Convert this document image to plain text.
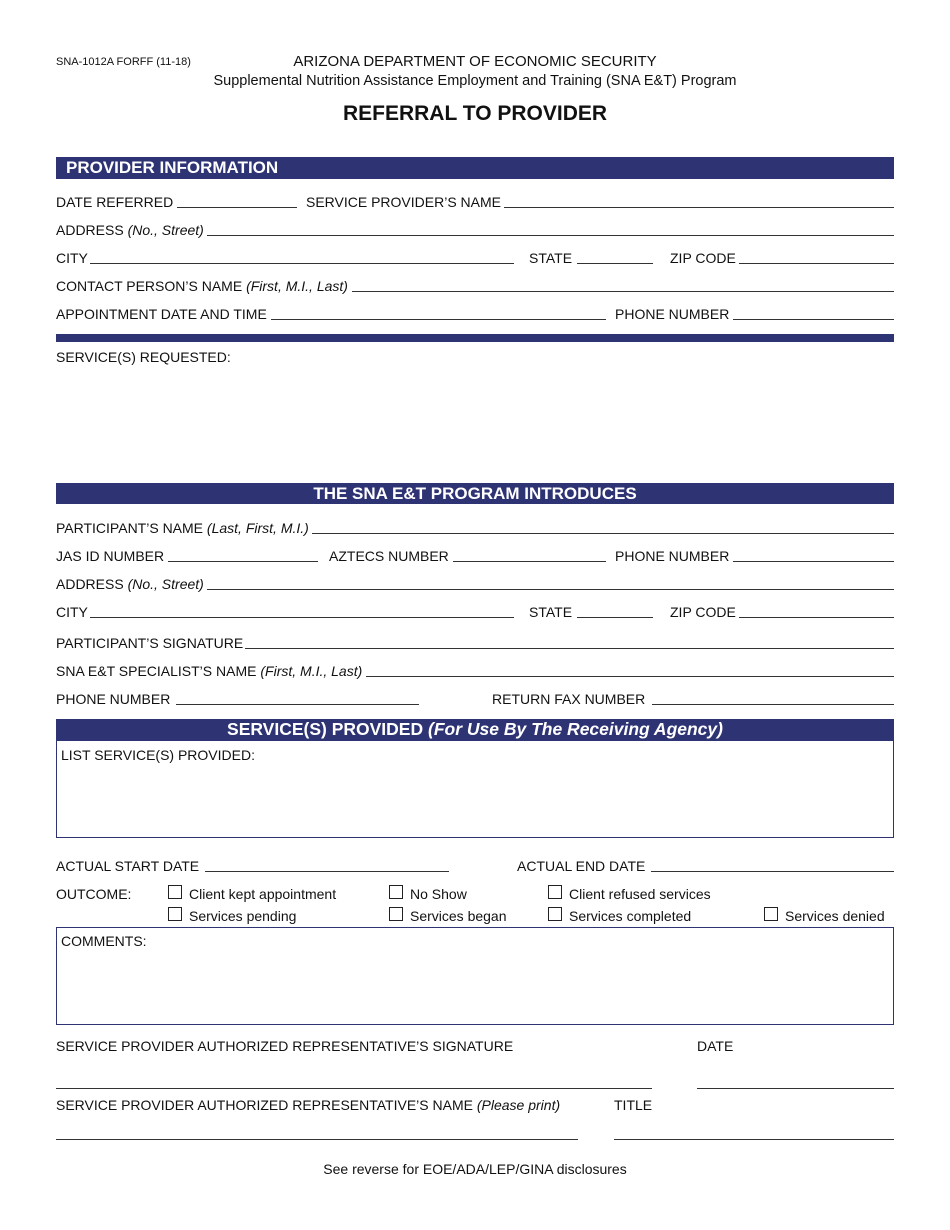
SNA-1012A FORFF (11-18)	ARIZONA DEPARTMENT OF ECONOMIC SECURITY
Supplemental Nutrition Assistance Employment and Training (SNA E&T) Program
REFERRAL TO PROVIDER
PROVIDER INFORMATION
DATE REFERRED	SERVICE PROVIDER’S NAME
ADDRESS (No., Street)
CITY	STATE	ZIP CODE
CONTACT PERSON’S NAME (First, M.I., Last)
APPOINTMENT DATE AND TIME	PHONE NUMBER
SERVICE(S) REQUESTED:
THE SNA E&T PROGRAM INTRODUCES
PARTICIPANT’S NAME (Last, First, M.I.)
JAS ID NUMBER	AZTECS NUMBER	PHONE NUMBER
ADDRESS (No., Street)
CITY	STATE	ZIP CODE
PARTICIPANT’S SIGNATURE
SNA E&T SPECIALIST’S NAME (First, M.I., Last)
PHONE NUMBER	RETURN FAX NUMBER
SERVICE(S) PROVIDED (For Use By The Receiving Agency)
LIST SERVICE(S) PROVIDED:
ACTUAL START DATE	ACTUAL END DATE
OUTCOME:	Client kept appointment	No Show	Client refused services
Services pending	Services began	Services completed	Services denied
COMMENTS:
SERVICE PROVIDER AUTHORIZED REPRESENTATIVE’S SIGNATURE	DATE
SERVICE PROVIDER AUTHORIZED REPRESENTATIVE’S NAME (Please print)	TITLE
See reverse for EOE/ADA/LEP/GINA disclosures
